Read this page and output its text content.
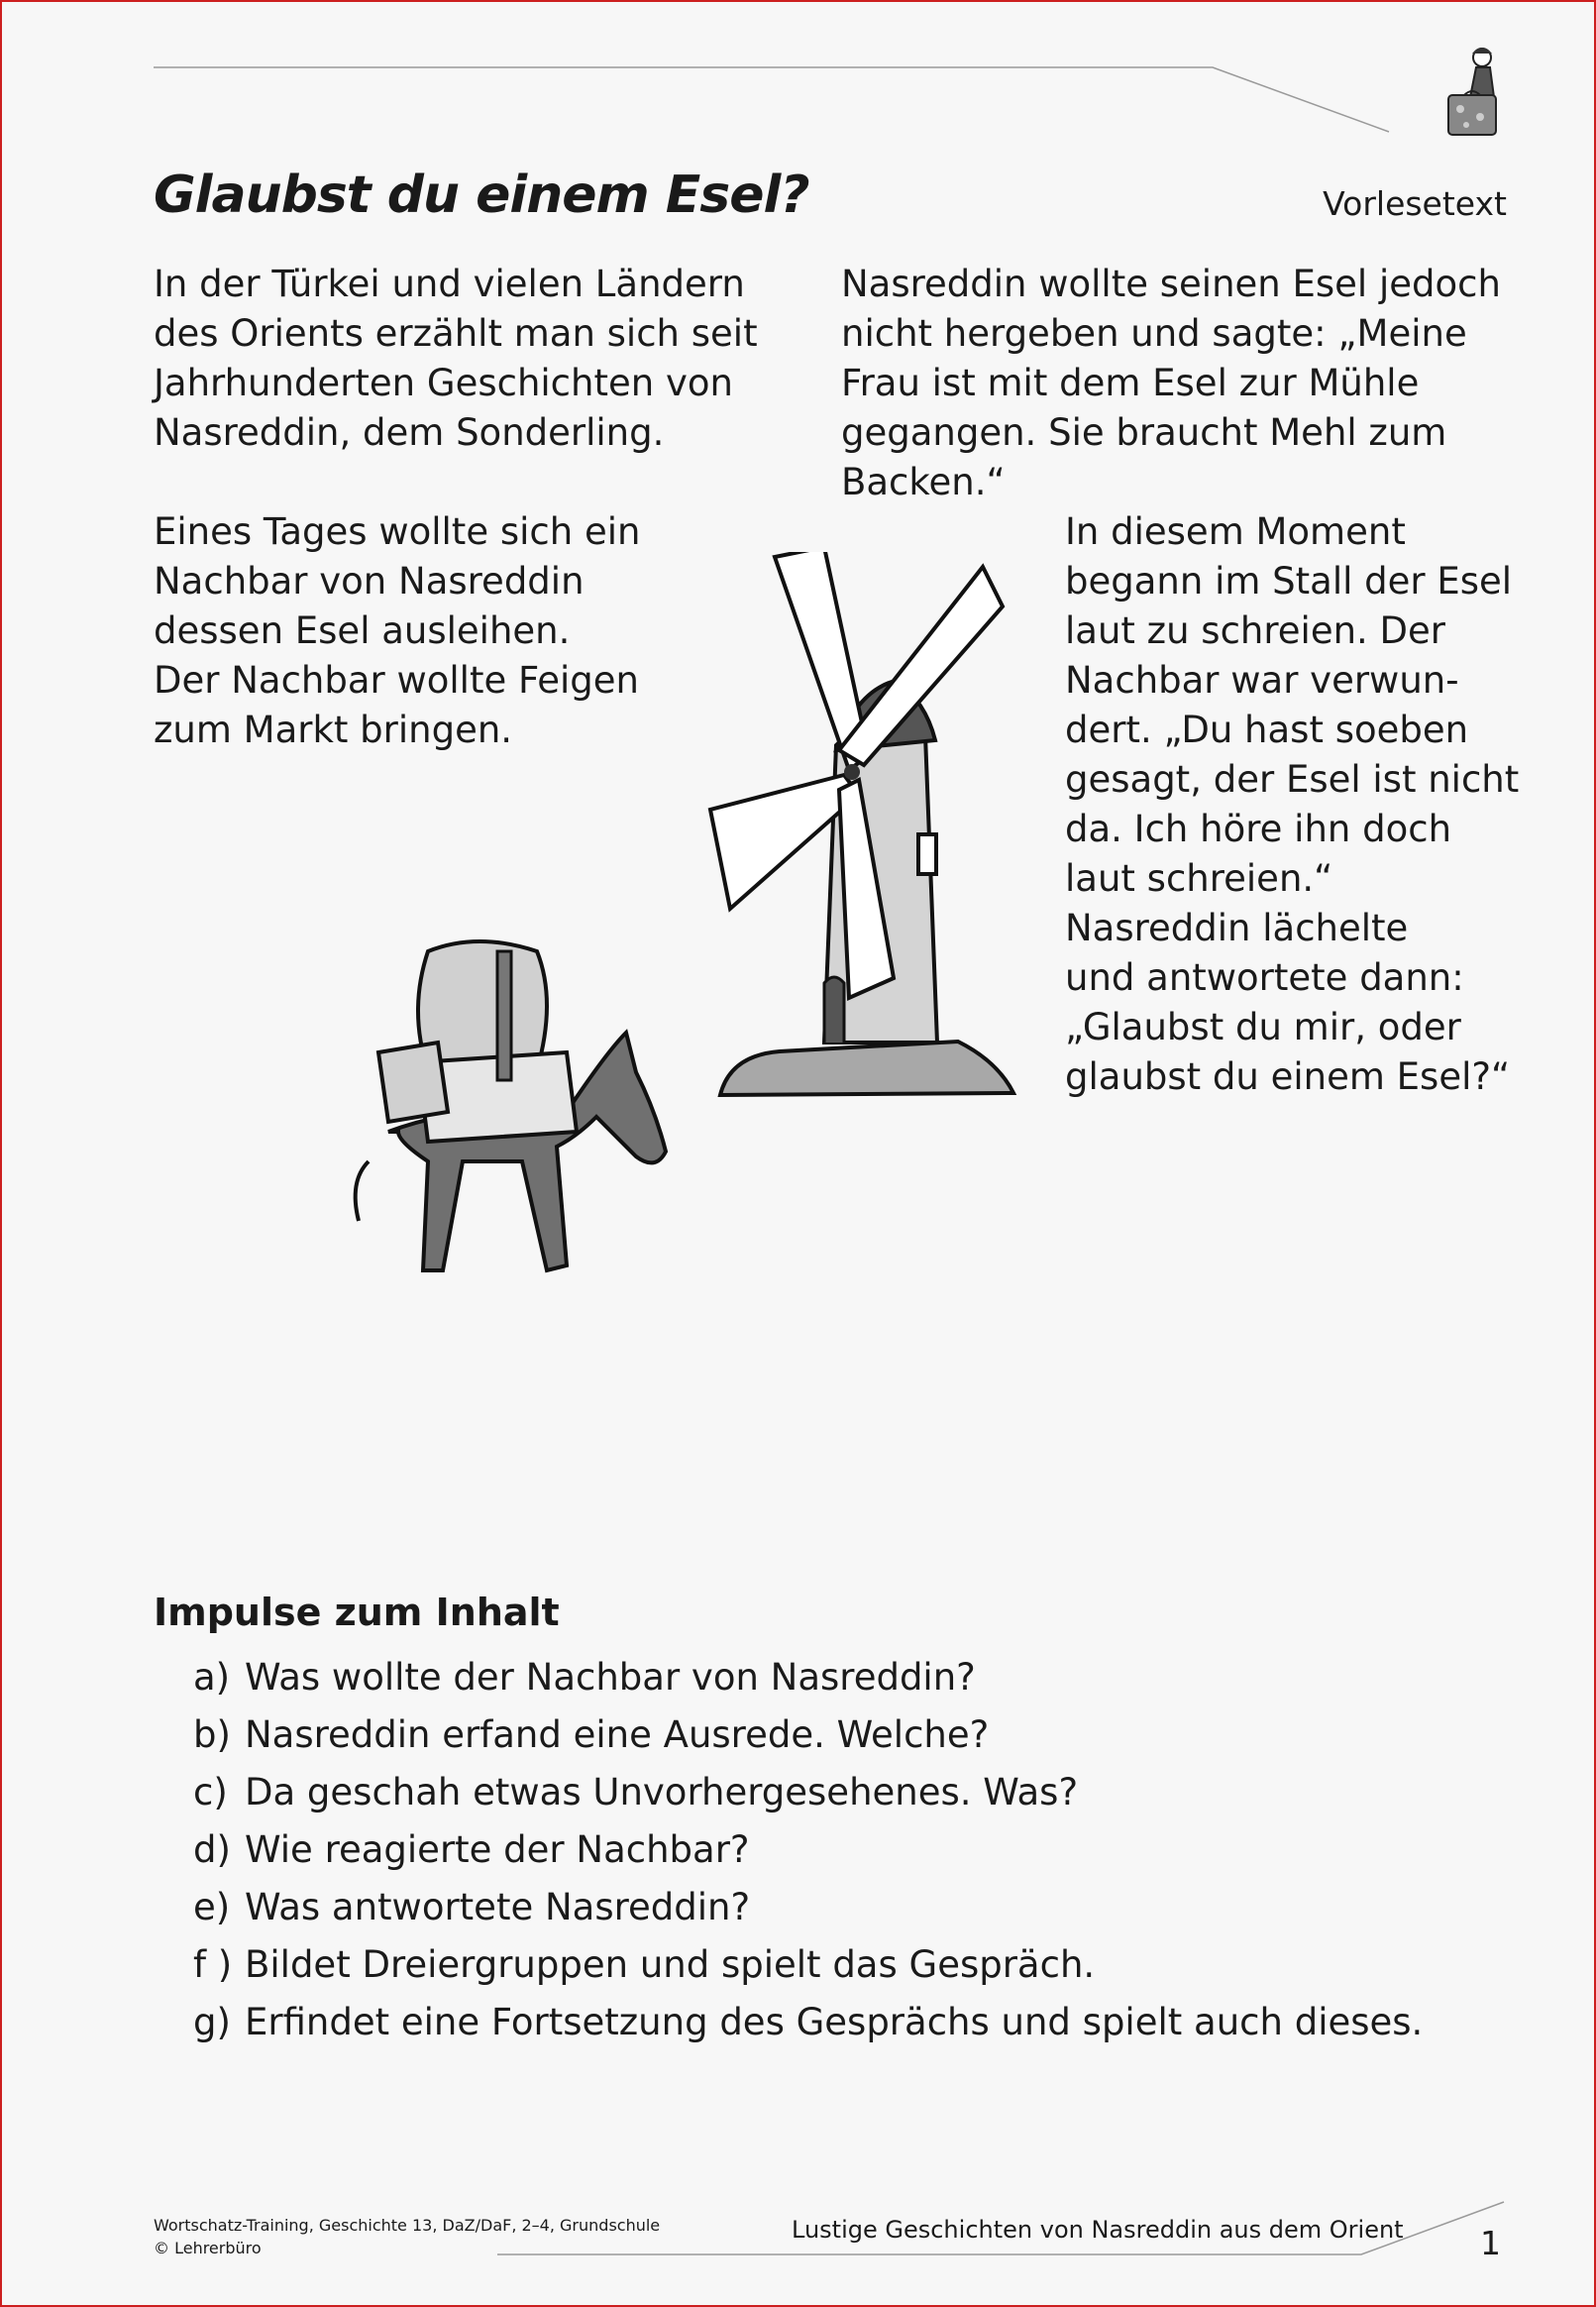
Glaubst du einem Esel?	Vorlesetext
In der Türkei und vielen Ländern
des Orients erzählt man sich seit
Jahrhunderten Geschichten von
Nasreddin, dem Sonderling.
Eines Tages wollte sich ein
Nachbar von Nasreddin
dessen Esel ausleihen.
Der Nachbar wollte Feigen
zum Markt bringen.
Nasreddin wollte seinen Esel jedoch
nicht hergeben und sagte: „Meine
Frau ist mit dem Esel zur Mühle
gegangen. Sie braucht Mehl zum
Backen.“
In diesem Moment
begann im Stall der Esel
laut zu schreien. Der
Nachbar war verwun-
dert. „Du hast soeben
gesagt, der Esel ist nicht
da. Ich höre ihn doch
laut schreien.“
Nasreddin lächelte
und antwortete dann:
„Glaubst du mir, oder
glaubst du einem Esel?“
Impulse zum Inhalt
a) Was wollte der Nachbar von Nasreddin?
b) Nasreddin erfand eine Ausrede. Welche?
c) Da geschah etwas Unvorhergesehenes. Was?
d) Wie reagierte der Nachbar?
e) Was antwortete Nasreddin?
f ) Bildet Dreiergruppen und spielt das Gespräch.
g) Erfindet eine Fortsetzung des Gesprächs und spielt auch dieses.
Wortschatz-Training, Geschichte 13, DaZ/DaF, 2–4, Grundschule
© Lehrerbüro
Lustige Geschichten von Nasreddin aus dem Orient 1
